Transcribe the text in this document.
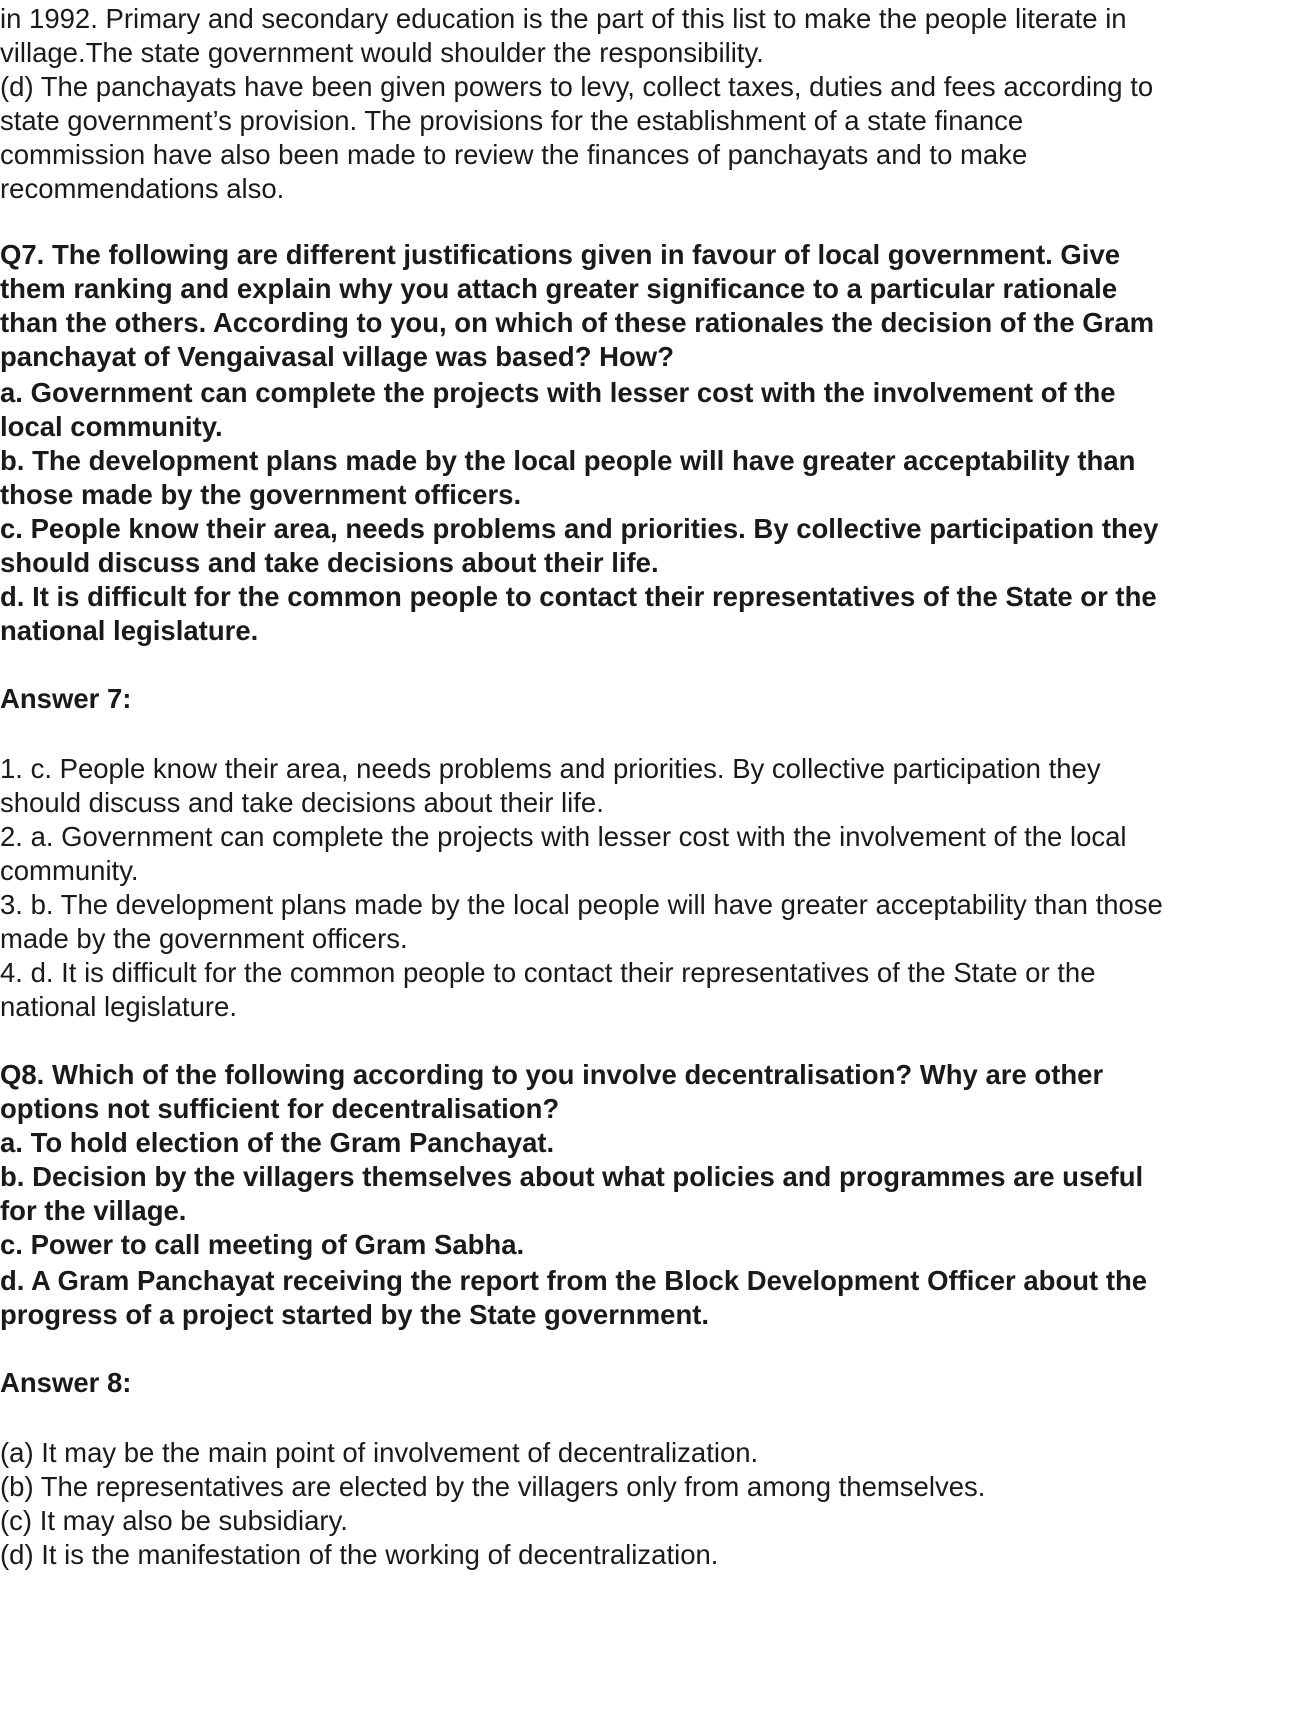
in 1992. Primary and secondary education is the part of this list to make the people literate in

village.The state government would shoulder the responsibility.

(d) The panchayats have been given powers to levy, collect taxes, duties and fees according to

state government’s provision. The provisions for the establishment of a state finance

commission have also been made to review the finances of panchayats and to make

recommendations also.

Q7. The following are different justifications given in favour of local government. Give

them ranking and explain why you attach greater significance to a particular rationale

than the others. According to you, on which of these rationales the decision of the Gram

panchayat of Vengaivasal village was based? How?

a. Government can complete the projects with lesser cost with the involvement of the

local community.

b. The development plans made by the local people will have greater acceptability than

those made by the government officers.

c. People know their area, needs problems and priorities. By collective participation they

should discuss and take decisions about their life.

d. It is difficult for the common people to contact their representatives of the State or the

national legislature.

Answer 7:

1. c. People know their area, needs problems and priorities. By collective participation they

should discuss and take decisions about their life.

2. a. Government can complete the projects with lesser cost with the involvement of the local

community.

3. b. The development plans made by the local people will have greater acceptability than those

made by the government officers.

4. d. It is difficult for the common people to contact their representatives of the State or the

national legislature.

Q8. Which of the following according to you involve decentralisation? Why are other

options not sufficient for decentralisation?

a. To hold election of the Gram Panchayat.

b. Decision by the villagers themselves about what policies and programmes are useful

for the village.

c. Power to call meeting of Gram Sabha.

d. A Gram Panchayat receiving the report from the Block Development Officer about the

progress of a project started by the State government.

Answer 8:

(a) It may be the main point of involvement of decentralization.

(b) The representatives are elected by the villagers only from among themselves.

(c) It may also be subsidiary.

(d) It is the manifestation of the working of decentralization.
